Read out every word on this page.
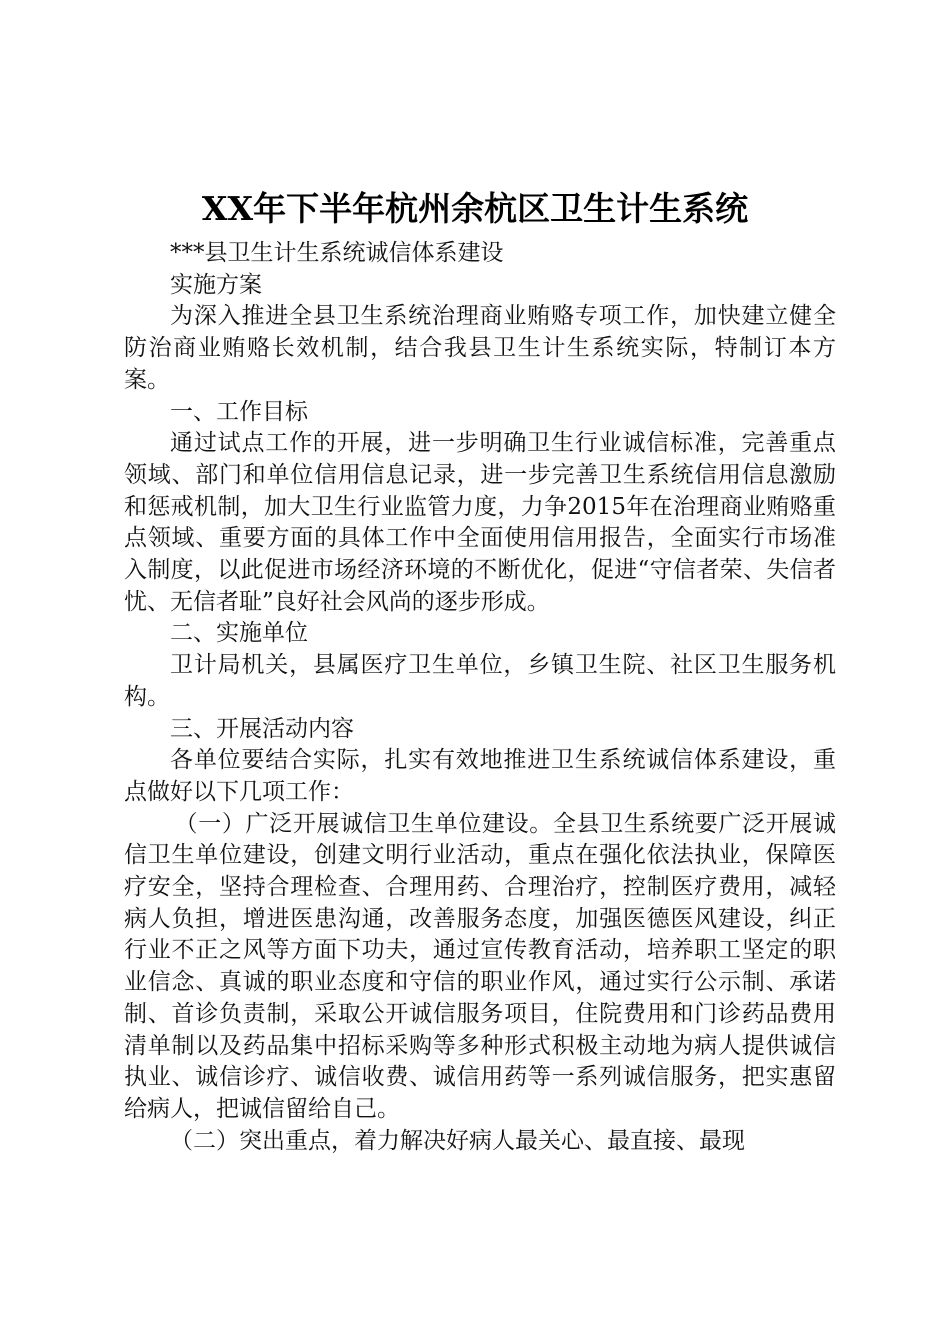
XX年下半年杭州余杭区卫生计生系统

***县卫生计生系统诚信体系建设

实施方案

为深入推进全县卫生系统治理商业贿赂专项工作，加快建立健全防治商业贿赂长效机制，结合我县卫生计生系统实际，特制订本方案。

一、工作目标

通过试点工作的开展，进一步明确卫生行业诚信标准，完善重点领域、部门和单位信用信息记录，进一步完善卫生系统信用信息激励和惩戒机制，加大卫生行业监管力度，力争2015年在治理商业贿赂重点领域、重要方面的具体工作中全面使用信用报告，全面实行市场准入制度，以此促进市场经济环境的不断优化，促进“守信者荣、失信者忧、无信者耻”良好社会风尚的逐步形成。

二、实施单位

卫计局机关，县属医疗卫生单位，乡镇卫生院、社区卫生服务机构。

三、开展活动内容

各单位要结合实际，扎实有效地推进卫生系统诚信体系建设，重点做好以下几项工作：

（一）广泛开展诚信卫生单位建设。全县卫生系统要广泛开展诚信卫生单位建设，创建文明行业活动，重点在强化依法执业，保障医疗安全，坚持合理检查、合理用药、合理治疗，控制医疗费用，减轻病人负担，增进医患沟通，改善服务态度，加强医德医风建设，纠正行业不正之风等方面下功夫，通过宣传教育活动，培养职工坚定的职业信念、真诚的职业态度和守信的职业作风，通过实行公示制、承诺制、首诊负责制，采取公开诚信服务项目，住院费用和门诊药品费用清单制以及药品集中招标采购等多种形式积极主动地为病人提供诚信执业、诚信诊疗、诚信收费、诚信用药等一系列诚信服务，把实惠留给病人，把诚信留给自己。

（二）突出重点，着力解决好病人最关心、最直接、最现
